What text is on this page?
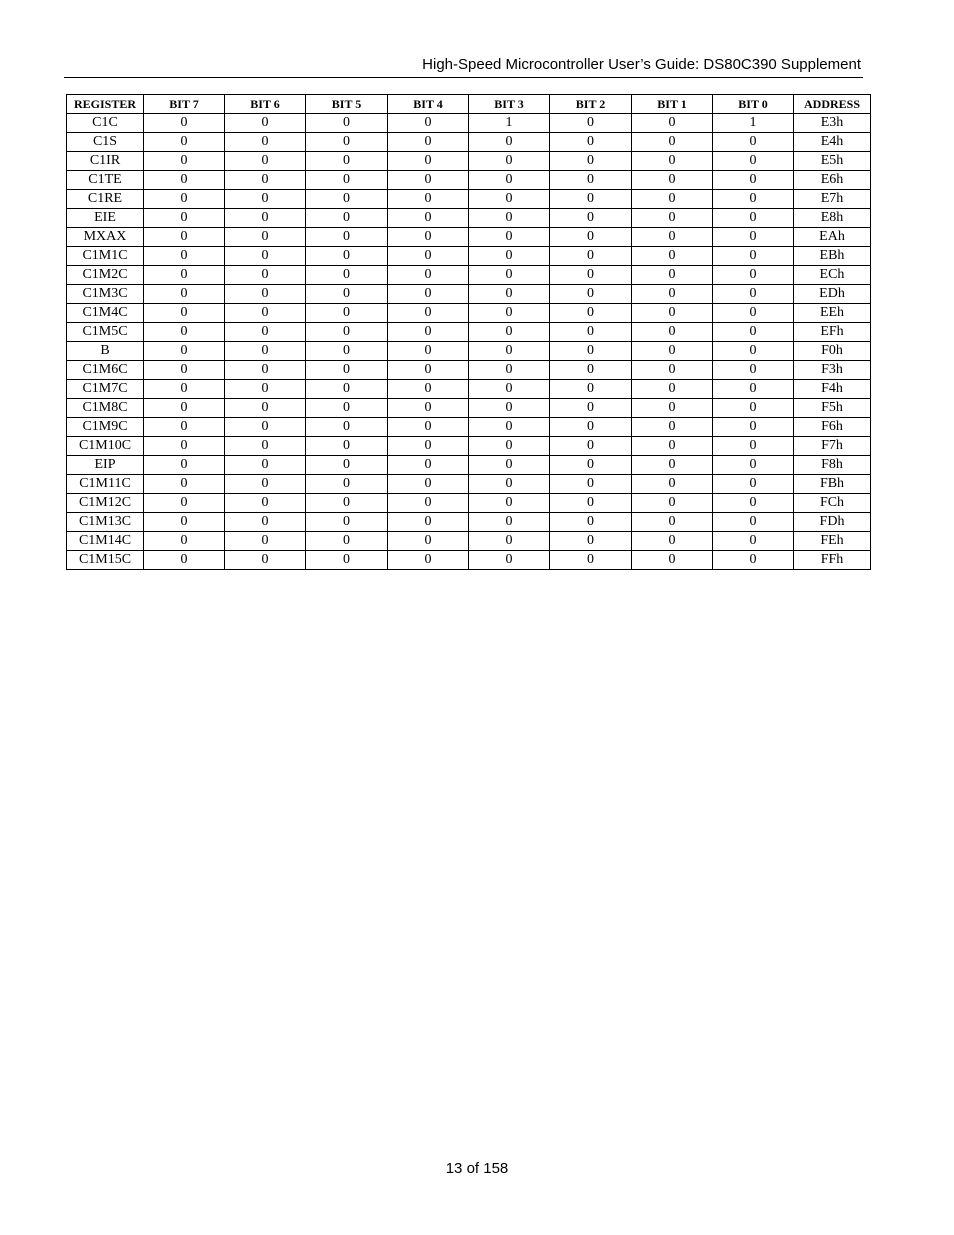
High-Speed Microcontroller User’s Guide: DS80C390 Supplement
REGISTER	BIT 7	BIT 6	BIT 5	BIT 4	BIT 3	BIT 2	BIT 1	BIT 0	ADDRESS
C1C	0	0	0	0	1	0	0	1	E3h
C1S	0	0	0	0	0	0	0	0	E4h
C1IR	0	0	0	0	0	0	0	0	E5h
C1TE	0	0	0	0	0	0	0	0	E6h
C1RE	0	0	0	0	0	0	0	0	E7h
EIE	0	0	0	0	0	0	0	0	E8h
MXAX	0	0	0	0	0	0	0	0	EAh
C1M1C	0	0	0	0	0	0	0	0	EBh
C1M2C	0	0	0	0	0	0	0	0	ECh
C1M3C	0	0	0	0	0	0	0	0	EDh
C1M4C	0	0	0	0	0	0	0	0	EEh
C1M5C	0	0	0	0	0	0	0	0	EFh
B	0	0	0	0	0	0	0	0	F0h
C1M6C	0	0	0	0	0	0	0	0	F3h
C1M7C	0	0	0	0	0	0	0	0	F4h
C1M8C	0	0	0	0	0	0	0	0	F5h
C1M9C	0	0	0	0	0	0	0	0	F6h
C1M10C	0	0	0	0	0	0	0	0	F7h
EIP	0	0	0	0	0	0	0	0	F8h
C1M11C	0	0	0	0	0	0	0	0	FBh
C1M12C	0	0	0	0	0	0	0	0	FCh
C1M13C	0	0	0	0	0	0	0	0	FDh
C1M14C	0	0	0	0	0	0	0	0	FEh
C1M15C	0	0	0	0	0	0	0	0	FFh
13 of 158
